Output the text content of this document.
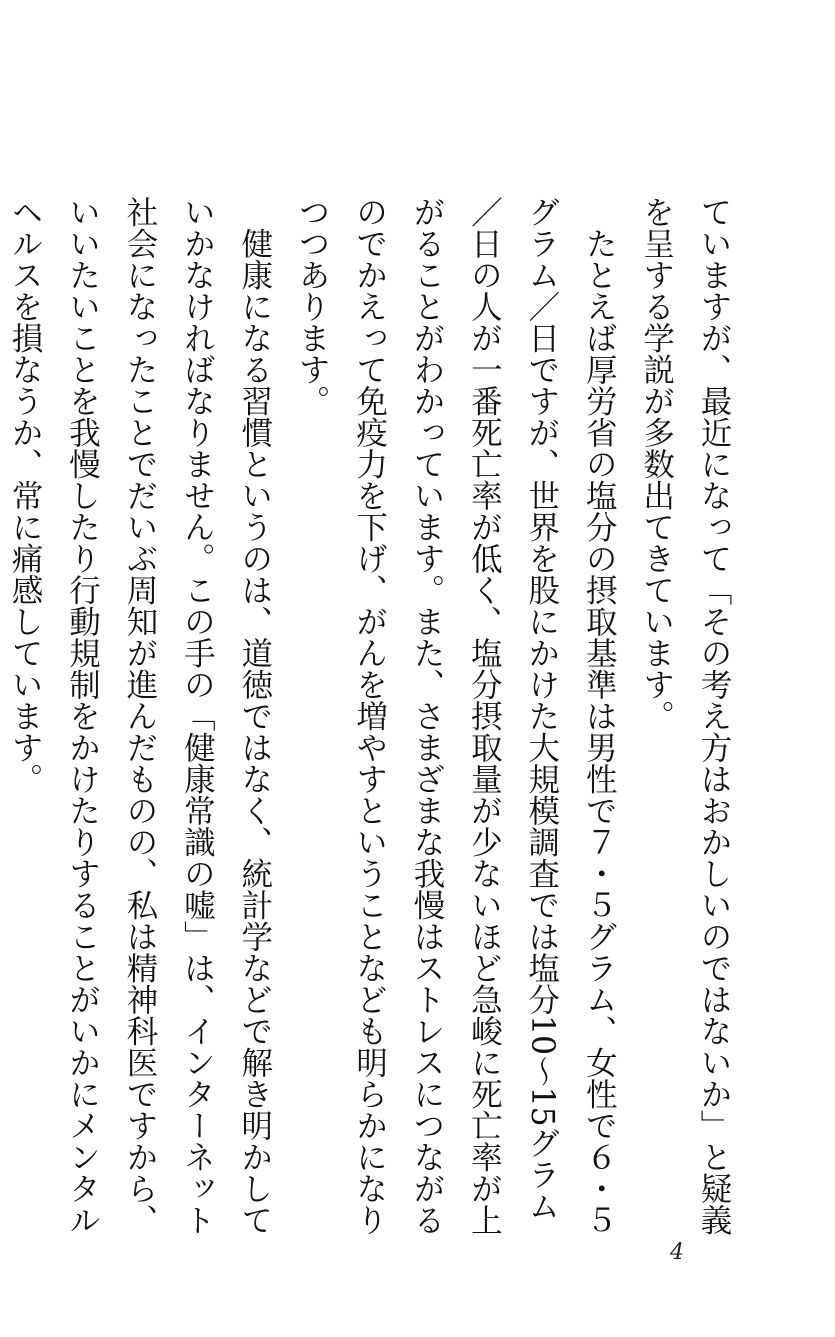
ていますが、最近になって「その考え方はおかしいのではないか」と疑義を呈する学説が多数出てきています。

　たとえば厚労省の塩分の摂取基準は男性で７・５グラム、女性で６・５グラム／日ですが、世界を股にかけた大規模調査では塩分10～15グラム／日の人が一番死亡率が低く、塩分摂取量が少ないほど急峻に死亡率が上がることがわかっています。また、さまざまな我慢はストレスにつながるのでかえって免疫力を下げ、がんを増やすということなども明らかになりつつあります。

　健康になる習慣というのは、道徳ではなく、統計学などで解き明かしていかなければなりません。この手の「健康常識の嘘」は、インターネット社会になったことでだいぶ周知が進んだものの、私は精神科医ですから、いいたいことを我慢したり行動規制をかけたりすることがいかにメンタルヘルスを損なうか、常に痛感しています。

4
